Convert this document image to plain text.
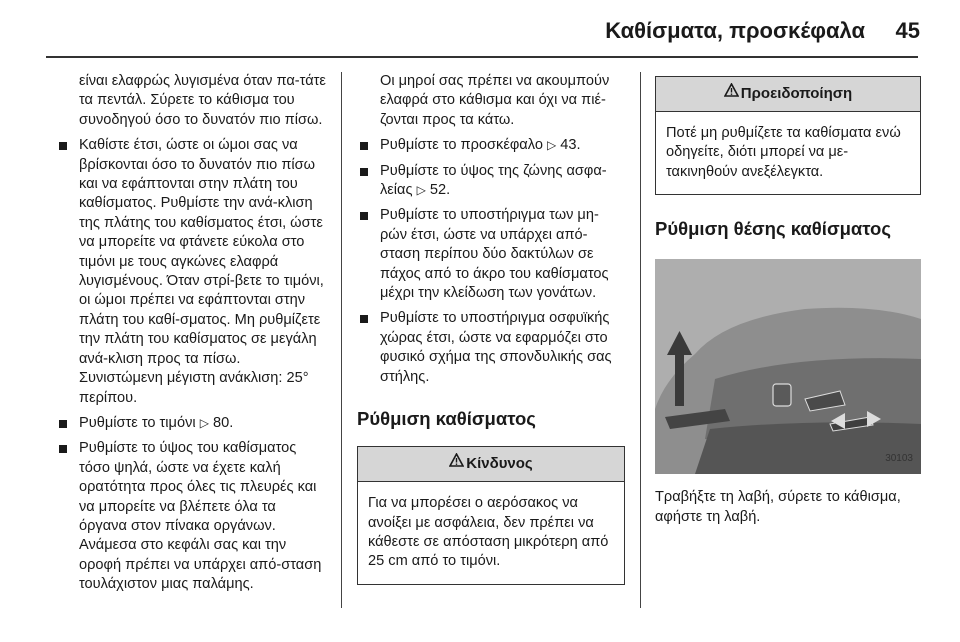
Καθίσματα, προσκέφαλα 45

είναι ελαφρώς λυγισμένα όταν πα-τάτε τα πεντάλ. Σύρετε το κάθισμα του συνοδηγού όσο το δυνατόν πιο πίσω.

Καθίστε έτσι, ώστε οι ώμοι σας να βρίσκονται όσο το δυνατόν πιο πίσω και να εφάπτονται στην πλάτη του καθίσματος. Ρυθμίστε την ανά-κλιση της πλάτης του καθίσματος έτσι, ώστε να μπορείτε να φτάνετε εύκολα στο τιμόνι με τους αγκώνες ελαφρά λυγισμένους. Όταν στρί-βετε το τιμόνι, οι ώμοι πρέπει να εφάπτονται στην πλάτη του καθί-σματος. Μη ρυθμίζετε την πλάτη του καθίσματος σε μεγάλη ανά-κλιση προς τα πίσω. Συνιστώμενη μέγιστη ανάκλιση: 25° περίπου.
Ρυθμίστε το τιμόνι ▷ 80.
Ρυθμίστε το ύψος του καθίσματος τόσο ψηλά, ώστε να έχετε καλή ορατότητα προς όλες τις πλευρές και να μπορείτε να βλέπετε όλα τα όργανα στον πίνακα οργάνων. Ανάμεσα στο κεφάλι σας και την οροφή πρέπει να υπάρχει από-σταση τουλάχιστον μιας παλάμης.

Οι μηροί σας πρέπει να ακουμπούν ελαφρά στο κάθισμα και όχι να πιέ-ζονται προς τα κάτω.

Ρυθμίστε το προσκέφαλο ▷ 43.
Ρυθμίστε το ύψος της ζώνης ασφα-λείας ▷ 52.
Ρυθμίστε το υποστήριγμα των μη-ρών έτσι, ώστε να υπάρχει από-σταση περίπου δύο δακτύλων σε πάχος από το άκρο του καθίσματος μέχρι την κλείδωση των γονάτων.
Ρυθμίστε το υποστήριγμα οσφυϊκής χώρας έτσι, ώστε να εφαρμόζει στο φυσικό σχήμα της σπονδυλικής σας στήλης.
Ρύθμιση καθίσματος
Κίνδυνος
Για να μπορέσει ο αερόσακος να ανοίξει με ασφάλεια, δεν πρέπει να κάθεστε σε απόσταση μικρότερη από 25 cm από το τιμόνι.
Προειδοποίηση
Ποτέ μη ρυθμίζετε τα καθίσματα ενώ οδηγείτε, διότι μπορεί να με-τακινηθούν ανεξέλεγκτα.
Ρύθμιση θέσης καθίσματος
30103

Τραβήξτε τη λαβή, σύρετε το κάθισμα, αφήστε τη λαβή.
